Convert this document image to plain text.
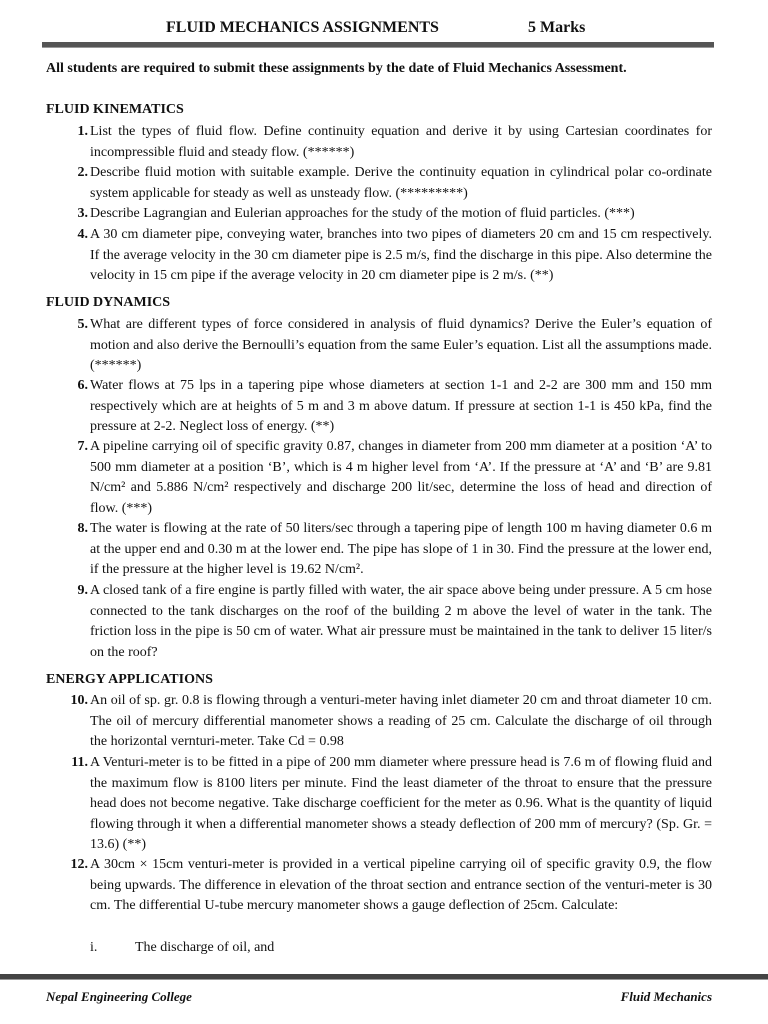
FLUID MECHANICS ASSIGNMENTS	5 Marks
All students are required to submit these assignments by the date of Fluid Mechanics Assessment.
FLUID KINEMATICS
1. List the types of fluid flow. Define continuity equation and derive it by using Cartesian coordinates for incompressible fluid and steady flow. (******)
2. Describe fluid motion with suitable example. Derive the continuity equation in cylindrical polar co-ordinate system applicable for steady as well as unsteady flow. (*********)
3. Describe Lagrangian and Eulerian approaches for the study of the motion of fluid particles. (***)
4. A 30 cm diameter pipe, conveying water, branches into two pipes of diameters 20 cm and 15 cm respectively. If the average velocity in the 30 cm diameter pipe is 2.5 m/s, find the discharge in this pipe. Also determine the velocity in 15 cm pipe if the average velocity in 20 cm diameter pipe is 2 m/s. (**)
FLUID DYNAMICS
5. What are different types of force considered in analysis of fluid dynamics? Derive the Euler’s equation of motion and also derive the Bernoulli’s equation from the same Euler’s equation. List all the assumptions made. (******)
6. Water flows at 75 lps in a tapering pipe whose diameters at section 1-1 and 2-2 are 300 mm and 150 mm respectively which are at heights of 5 m and 3 m above datum. If pressure at section 1-1 is 450 kPa, find the pressure at 2-2. Neglect loss of energy. (**)
7. A pipeline carrying oil of specific gravity 0.87, changes in diameter from 200 mm diameter at a position ‘A’ to 500 mm diameter at a position ‘B’, which is 4 m higher level from ‘A’. If the pressure at ‘A’ and ‘B’ are 9.81 N/cm² and 5.886 N/cm² respectively and discharge 200 lit/sec, determine the loss of head and direction of flow. (***)
8. The water is flowing at the rate of 50 liters/sec through a tapering pipe of length 100 m having diameter 0.6 m at the upper end and 0.30 m at the lower end. The pipe has slope of 1 in 30. Find the pressure at the lower end, if the pressure at the higher level is 19.62 N/cm².
9. A closed tank of a fire engine is partly filled with water, the air space above being under pressure. A 5 cm hose connected to the tank discharges on the roof of the building 2 m above the level of water in the tank. The friction loss in the pipe is 50 cm of water. What air pressure must be maintained in the tank to deliver 15 liter/s on the roof?
ENERGY APPLICATIONS
10. An oil of sp. gr. 0.8 is flowing through a venturi-meter having inlet diameter 20 cm and throat diameter 10 cm. The oil of mercury differential manometer shows a reading of 25 cm. Calculate the discharge of oil through the horizontal vernturi-meter. Take Cd = 0.98
11. A Venturi-meter is to be fitted in a pipe of 200 mm diameter where pressure head is 7.6 m of flowing fluid and the maximum flow is 8100 liters per minute. Find the least diameter of the throat to ensure that the pressure head does not become negative. Take discharge coefficient for the meter as 0.96. What is the quantity of liquid flowing through it when a differential manometer shows a steady deflection of 200 mm of mercury? (Sp. Gr. = 13.6) (**)
12. A 30cm × 15cm venturi-meter is provided in a vertical pipeline carrying oil of specific gravity 0.9, the flow being upwards. The difference in elevation of the throat section and entrance section of the venturi-meter is 30 cm. The differential U-tube mercury manometer shows a gauge deflection of 25cm. Calculate:
i.	The discharge of oil, and
Nepal Engineering College	Fluid Mechanics
